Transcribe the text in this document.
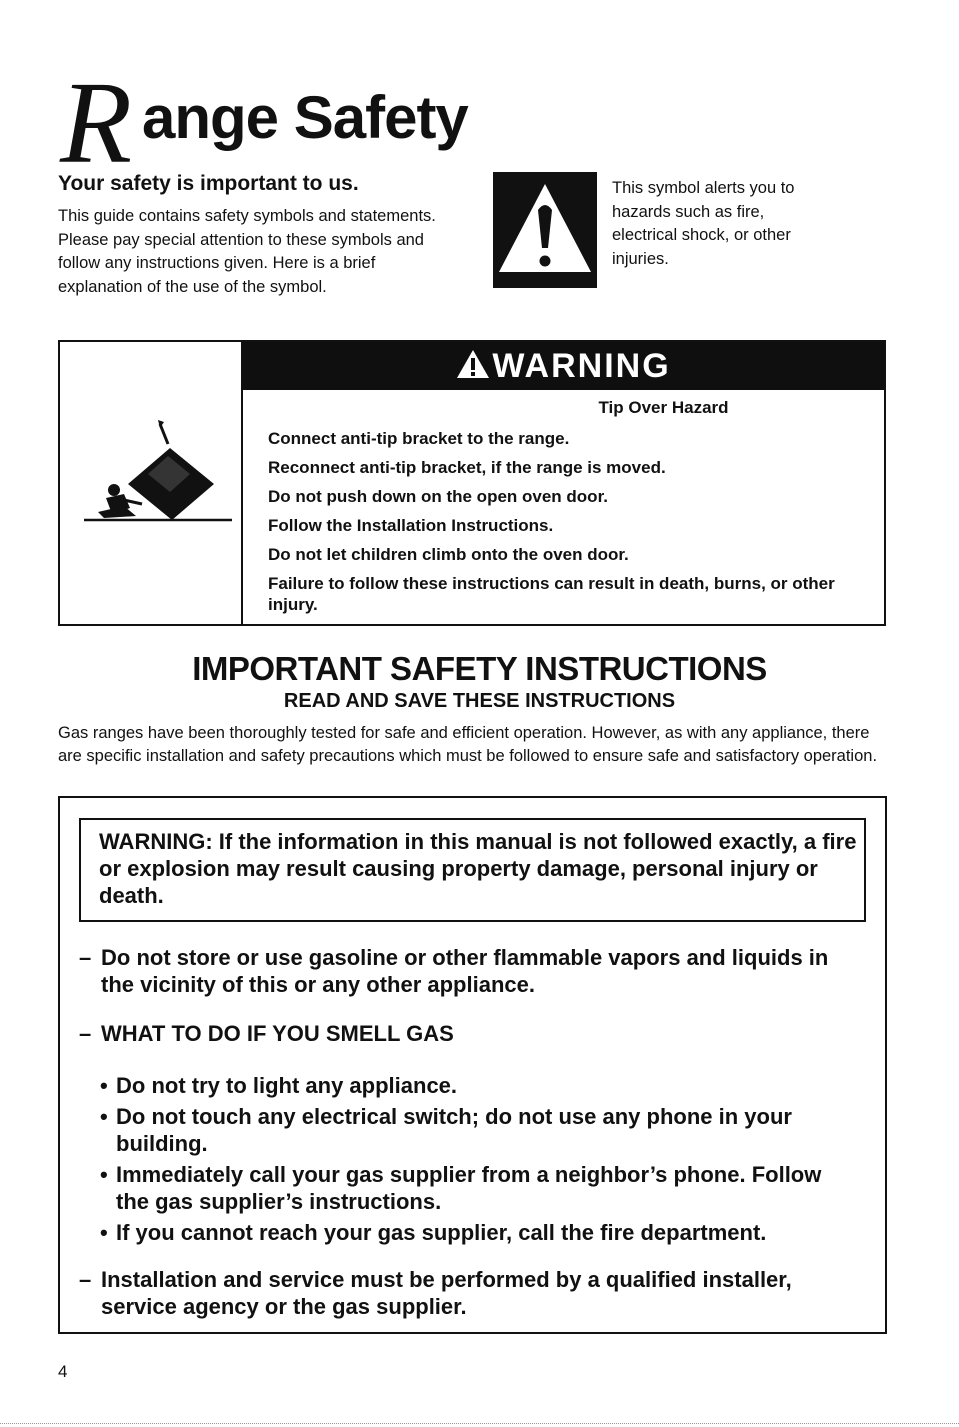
R ange Safety
Your safety is important to us.
This guide contains safety symbols and statements. Please pay special attention to these symbols and follow any instructions given. Here is a brief explanation of the use of the symbol.
This symbol alerts you to hazards such as fire, electrical shock, or other injuries.
WARNING
Tip Over Hazard
Connect anti-tip bracket to the range.
Reconnect anti-tip bracket, if the range is moved.
Do not push down on the open oven door.
Follow the Installation Instructions.
Do not let children climb onto the oven door.
Failure to follow these instructions can result in death, burns, or other injury.
IMPORTANT SAFETY INSTRUCTIONS
READ AND SAVE THESE INSTRUCTIONS
Gas ranges have been thoroughly tested for safe and efficient operation. However, as with any appliance, there are specific installation and safety precautions which must be followed to ensure safe and satisfactory operation.
WARNING: If the information in this manual is not followed exactly, a fire or explosion may result causing property damage, personal injury or death.
– Do not store or use gasoline or other flammable vapors and liquids in the vicinity of this or any other appliance.
– WHAT TO DO IF YOU SMELL GAS
• Do not try to light any appliance.
• Do not touch any electrical switch; do not use any phone in your building.
• Immediately call your gas supplier from a neighbor’s phone. Follow the gas supplier’s instructions.
• If you cannot reach your gas supplier, call the fire department.
– Installation and service must be performed by a qualified installer, service agency or the gas supplier.
4
